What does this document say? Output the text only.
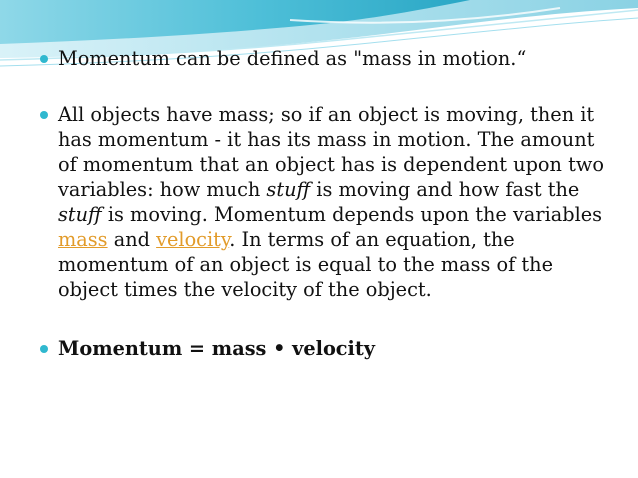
Momentum can be defined as "mass in motion.“
All objects have mass; so if an object is moving, then it has momentum - it has its mass in motion. The amount of momentum that an object has is dependent upon two variables: how much stuff is moving and how fast the stuff is moving. Momentum depends upon the variables mass and velocity. In terms of an equation, the momentum of an object is equal to the mass of the object times the velocity of the object.
Momentum = mass • velocity
